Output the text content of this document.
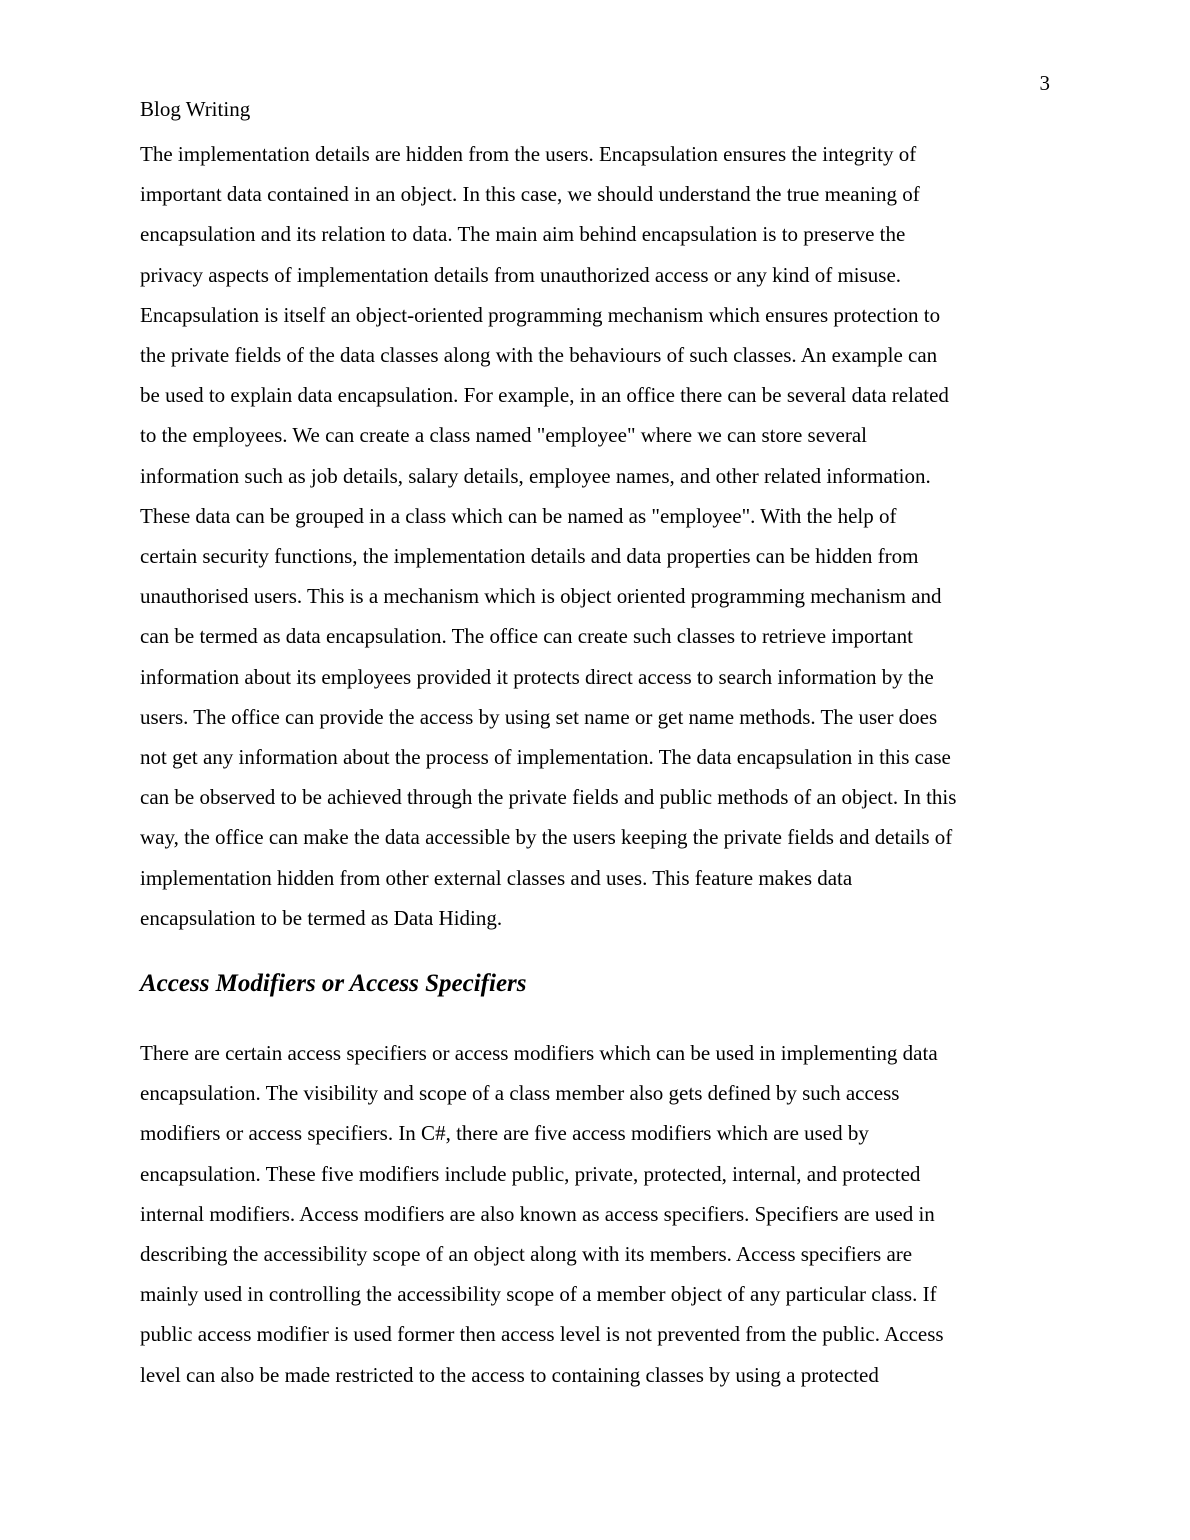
3
Blog Writing

The implementation details are hidden from the users. Encapsulation ensures the integrity of
important data contained in an object. In this case, we should understand the true meaning of
encapsulation and its relation to data. The main aim behind encapsulation is to preserve the
privacy aspects of implementation details from unauthorized access or any kind of misuse.
Encapsulation is itself an object-oriented programming mechanism which ensures protection to
the private fields of the data classes along with the behaviours of such classes. An example can
be used to explain data encapsulation. For example, in an office there can be several data related
to the employees. We can create a class named "employee" where we can store several
information such as job details, salary details, employee names, and other related information.
These data can be grouped in a class which can be named as "employee". With the help of
certain security functions, the implementation details and data properties can be hidden from
unauthorised users. This is a mechanism which is object oriented programming mechanism and
can be termed as data encapsulation. The office can create such classes to retrieve important
information about its employees provided it protects direct access to search information by the
users. The office can provide the access by using set name or get name methods. The user does
not get any information about the process of implementation. The data encapsulation in this case
can be observed to be achieved through the private fields and public methods of an object. In this
way, the office can make the data accessible by the users keeping the private fields and details of
implementation hidden from other external classes and uses. This feature makes data
encapsulation to be termed as Data Hiding.

Access Modifiers or Access Specifiers

There are certain access specifiers or access modifiers which can be used in implementing data
encapsulation. The visibility and scope of a class member also gets defined by such access
modifiers or access specifiers. In C#, there are five access modifiers which are used by
encapsulation. These five modifiers include public, private, protected, internal, and protected
internal modifiers. Access modifiers are also known as access specifiers. Specifiers are used in
describing the accessibility scope of an object along with its members. Access specifiers are
mainly used in controlling the accessibility scope of a member object of any particular class. If
public access modifier is used former then access level is not prevented from the public. Access
level can also be made restricted to the access to containing classes by using a protected
